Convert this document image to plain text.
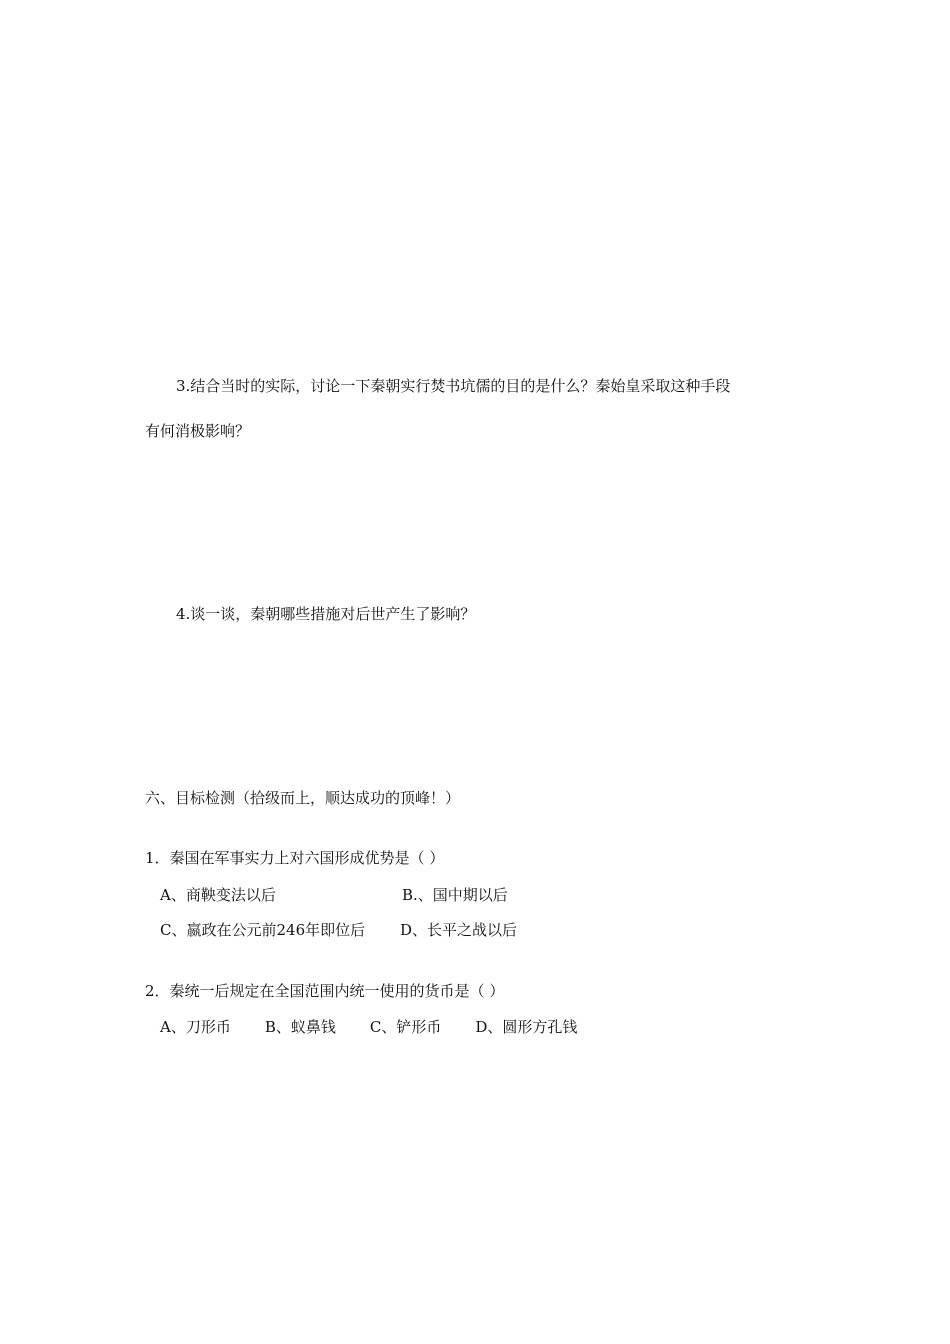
3.结合当时的实际，讨论一下秦朝实行焚书坑儒的目的是什么？秦始皇采取这种手段
有何消极影响？
4.谈一谈，秦朝哪些措施对后世产生了影响？
六、目标检测（拾级而上，顺达成功的顶峰！）
1．秦国在军事实力上对六国形成优势是（ ）
A、商鞅变法以后	B.、国中期以后
C、嬴政在公元前246年即位后 D、长平之战以后
2．秦统一后规定在全国范围内统一使用的货币是（ ）
A、刀形币 B、蚁鼻钱 C、铲形币 D、圆形方孔钱
